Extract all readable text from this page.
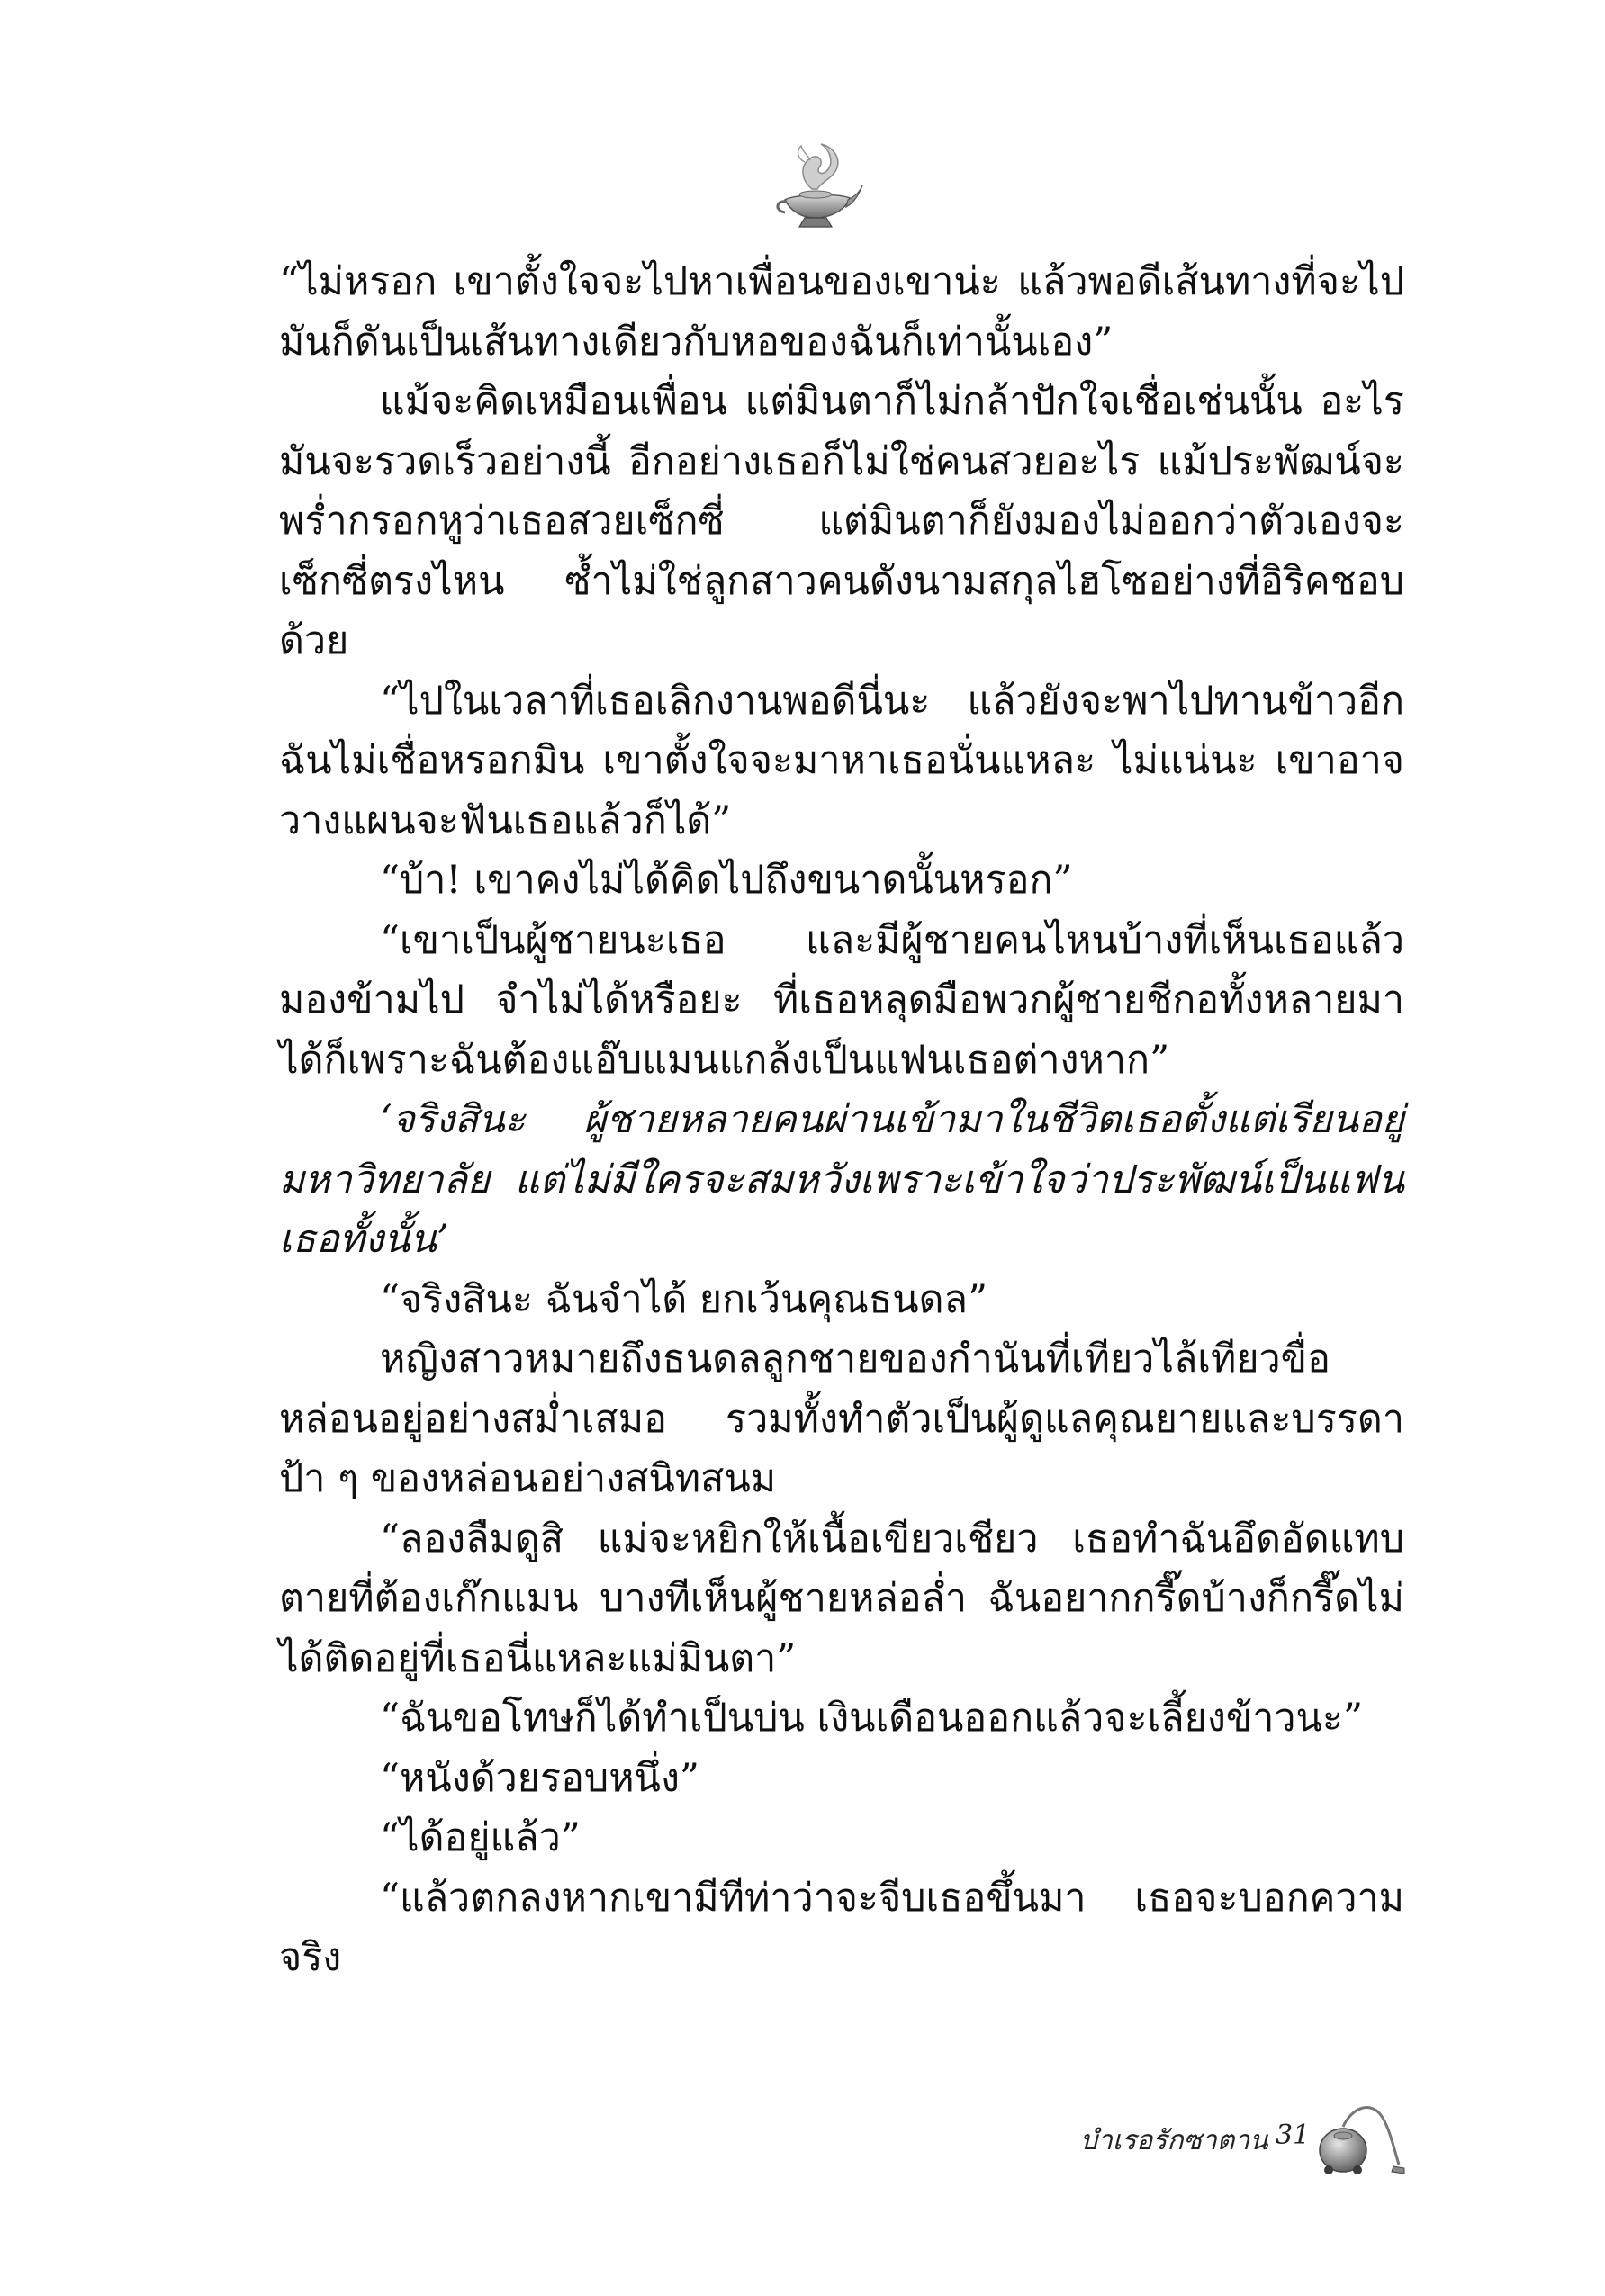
“ไม่หรอก เขาตั้งใจจะไปหาเพื่อนของเขาน่ะ แล้วพอดีเส้นทางที่จะไปมันก็ดันเป็นเส้นทางเดียวกับหอของฉันก็เท่านั้นเอง”

แม้จะคิดเหมือนเพื่อน แต่มินตาก็ไม่กล้าปักใจเชื่อเช่นนั้น อะไรมันจะรวดเร็วอย่างนี้ อีกอย่างเธอก็ไม่ใช่คนสวยอะไร แม้ประพัฒน์จะพร่ำกรอกหูว่าเธอสวยเซ็กซี่ แต่มินตาก็ยังมองไม่ออกว่าตัวเองจะเซ็กซี่ตรงไหน ซ้ำไม่ใช่ลูกสาวคนดังนามสกุลไฮโซอย่างที่อิริคชอบด้วย

“ไปในเวลาที่เธอเลิกงานพอดีนี่นะ แล้วยังจะพาไปทานข้าวอีก ฉันไม่เชื่อหรอกมิน เขาตั้งใจจะมาหาเธอนั่นแหละ ไม่แน่นะ เขาอาจวางแผนจะฟันเธอแล้วก็ได้”

“บ้า! เขาคงไม่ได้คิดไปถึงขนาดนั้นหรอก”

“เขาเป็นผู้ชายนะเธอ และมีผู้ชายคนไหนบ้างที่เห็นเธอแล้วมองข้ามไป จำไม่ได้หรือยะ ที่เธอหลุดมือพวกผู้ชายชีกอทั้งหลายมาได้ก็เพราะฉันต้องแอ๊บแมนแกล้งเป็นแฟนเธอต่างหาก”

‘จริงสินะ ผู้ชายหลายคนผ่านเข้ามาในชีวิตเธอตั้งแต่เรียนอยู่มหาวิทยาลัย แต่ไม่มีใครจะสมหวังเพราะเข้าใจว่าประพัฒน์เป็นแฟนเธอทั้งนั้น’

“จริงสินะ ฉันจำได้ ยกเว้นคุณธนดล”

หญิงสาวหมายถึงธนดลลูกชายของกำนันที่เทียวไล้เทียวขื่อหล่อนอยู่อย่างสม่ำเสมอ รวมทั้งทำตัวเป็นผู้ดูแลคุณยายและบรรดาป้า ๆ ของหล่อนอย่างสนิทสนม

“ลองลืมดูสิ แม่จะหยิกให้เนื้อเขียวเชียว เธอทำฉันอึดอัดแทบตายที่ต้องเก๊กแมน บางทีเห็นผู้ชายหล่อล่ำ ฉันอยากกรี๊ดบ้างก็กรี๊ดไม่ได้ติดอยู่ที่เธอนี่แหละแม่มินตา”

“ฉันขอโทษก็ได้ทำเป็นบ่น เงินเดือนออกแล้วจะเลี้ยงข้าวนะ”

“หนังด้วยรอบหนึ่ง”

“ได้อยู่แล้ว”

“แล้วตกลงหากเขามีทีท่าว่าจะจีบเธอขึ้นมา เธอจะบอกความจริง

บำเรอรักซาตาน 31
